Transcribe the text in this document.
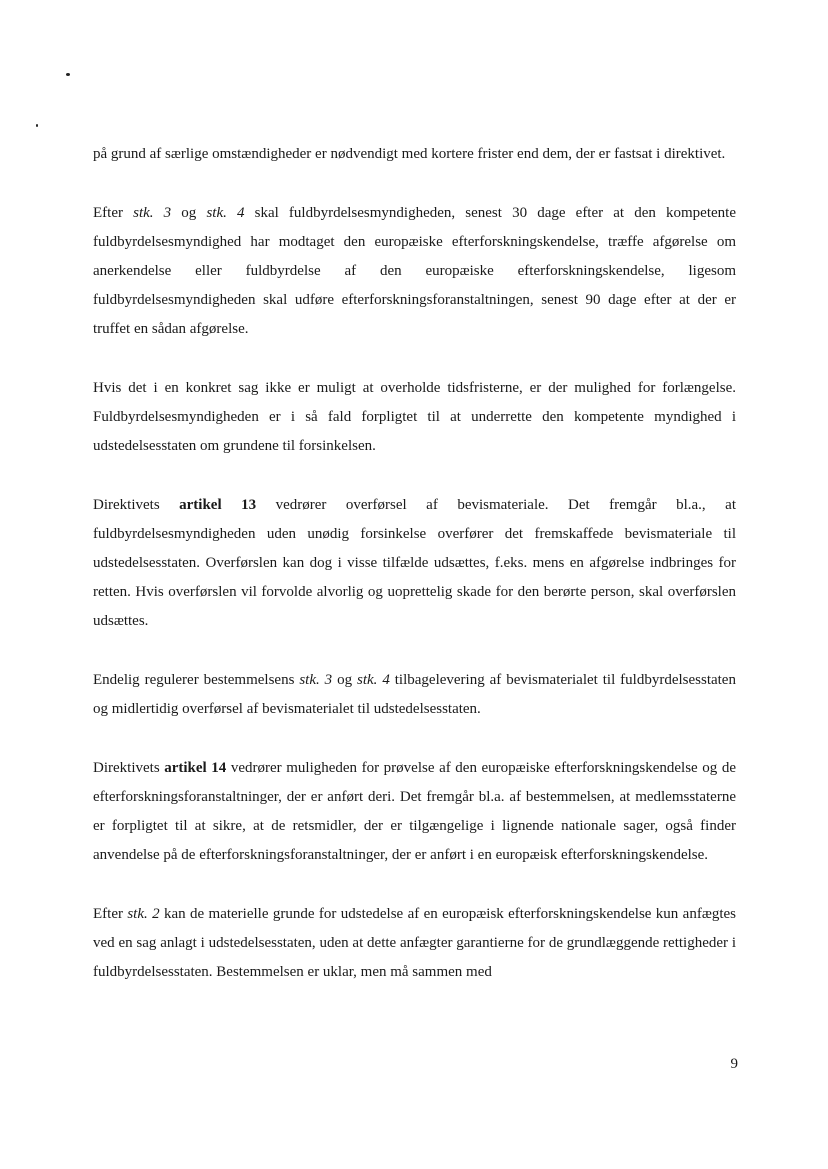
på grund af særlige omstændigheder er nødvendigt med kortere frister end dem, der er fastsat i direktivet.

Efter stk. 3 og stk. 4 skal fuldbyrdelsesmyndigheden, senest 30 dage efter at den kompetente fuldbyrdelsesmyndighed har modtaget den europæiske efterforskningskendelse, træffe afgørelse om anerkendelse eller fuldbyrdelse af den europæiske efterforskningskendelse, ligesom fuldbyrdelsesmyndigheden skal udføre efterforskningsforanstaltningen, senest 90 dage efter at der er truffet en sådan afgørelse.

Hvis det i en konkret sag ikke er muligt at overholde tidsfristerne, er der mulighed for forlængelse. Fuldbyrdelsesmyndigheden er i så fald forpligtet til at underrette den kompetente myndighed i udstedelsesstaten om grundene til forsinkelsen.

Direktivets artikel 13 vedrører overførsel af bevismateriale. Det fremgår bl.a., at fuldbyrdelsesmyndigheden uden unødig forsinkelse overfører det fremskaffede bevismateriale til udstedelsesstaten. Overførslen kan dog i visse tilfælde udsættes, f.eks. mens en afgørelse indbringes for retten. Hvis overførslen vil forvolde alvorlig og uoprettelig skade for den berørte person, skal overførslen udsættes.

Endelig regulerer bestemmelsens stk. 3 og stk. 4 tilbagelevering af bevismaterialet til fuldbyrdelsesstaten og midlertidig overførsel af bevismaterialet til udstedelsesstaten.

Direktivets artikel 14 vedrører muligheden for prøvelse af den europæiske efterforskningskendelse og de efterforskningsforanstaltninger, der er anført deri. Det fremgår bl.a. af bestemmelsen, at medlemsstaterne er forpligtet til at sikre, at de retsmidler, der er tilgængelige i lignende nationale sager, også finder anvendelse på de efterforskningsforanstaltninger, der er anført i en europæisk efterforskningskendelse.

Efter stk. 2 kan de materielle grunde for udstedelse af en europæisk efterforskningskendelse kun anfægtes ved en sag anlagt i udstedelsesstaten, uden at dette anfægter garantierne for de grundlæggende rettigheder i fuldbyrdelsesstaten. Bestemmelsen er uklar, men må sammen med

9
